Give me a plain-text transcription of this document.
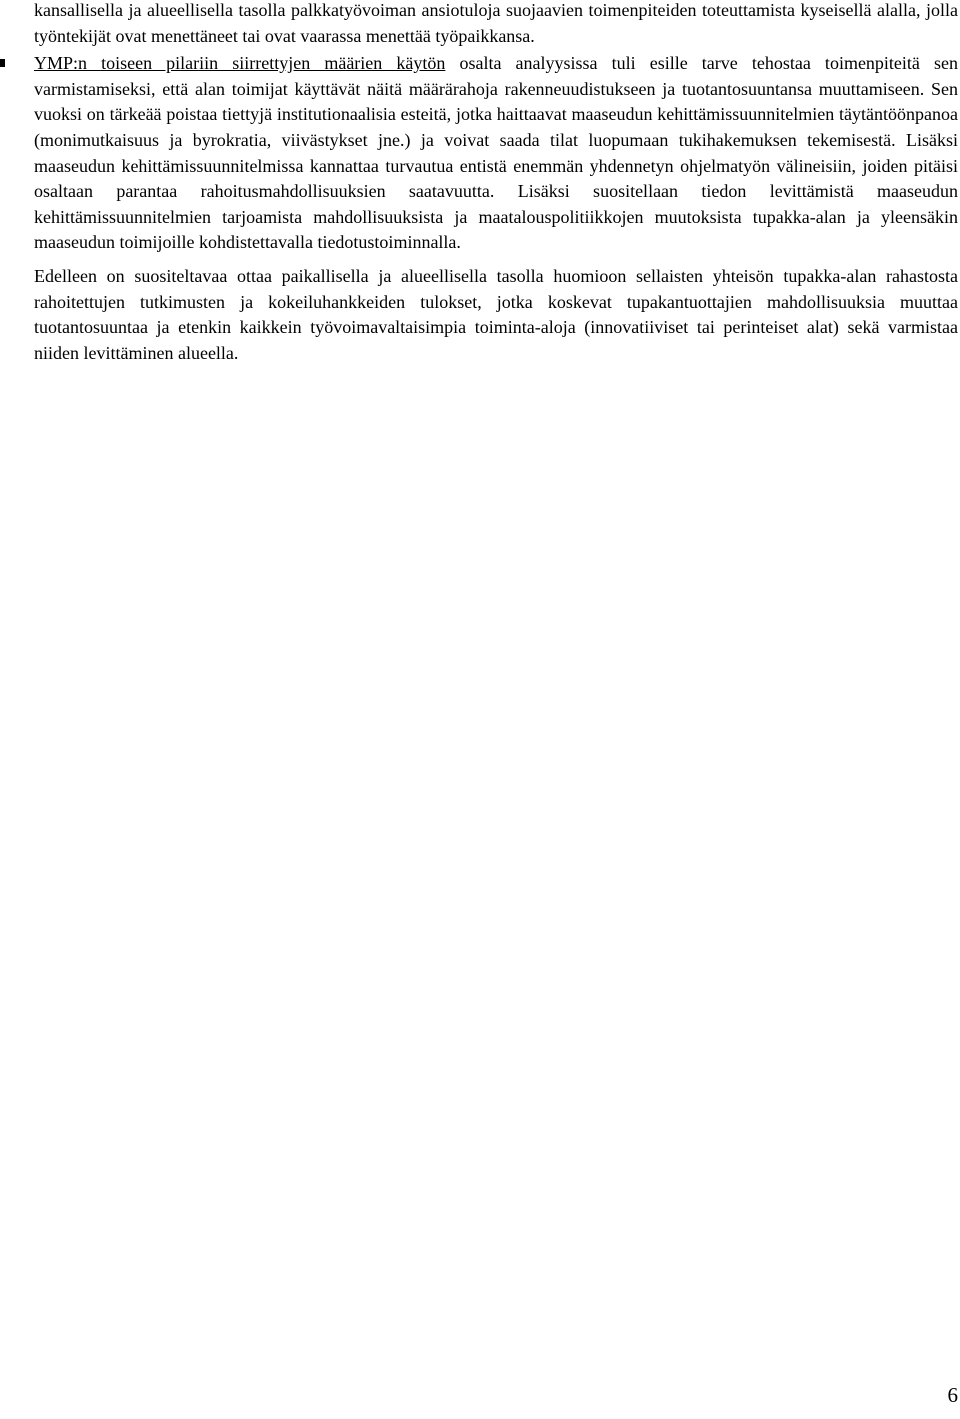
kansallisella ja alueellisella tasolla palkkatyövoiman ansiotuloja suojaavien toimenpiteiden toteuttamista kyseisellä alalla, jolla työntekijät ovat menettäneet tai ovat vaarassa menettää työpaikkansa.

YMP:n toiseen pilariin siirrettyjen määrien käytön osalta analyysissa tuli esille tarve tehostaa toimenpiteitä sen varmistamiseksi, että alan toimijat käyttävät näitä määrärahoja rakenneuudistukseen ja tuotantosuuntansa muuttamiseen. Sen vuoksi on tärkeää poistaa tiettyjä institutionaalisia esteitä, jotka haittaavat maaseudun kehittämissuunnitelmien täytäntöönpanoa (monimutkaisuus ja byrokratia, viivästykset jne.) ja voivat saada tilat luopumaan tukihakemuksen tekemisestä. Lisäksi maaseudun kehittämissuunnitelmissa kannattaa turvautua entistä enemmän yhdennetyn ohjelmatyön välineisiin, joiden pitäisi osaltaan parantaa rahoitusmahdollisuuksien saatavuutta. Lisäksi suositellaan tiedon levittämistä maaseudun kehittämissuunnitelmien tarjoamista mahdollisuuksista ja maatalouspolitiikkojen muutoksista tupakka-alan ja yleensäkin maaseudun toimijoille kohdistettavalla tiedotustoiminnalla.

Edelleen on suositeltavaa ottaa paikallisella ja alueellisella tasolla huomioon sellaisten yhteisön tupakka-alan rahastosta rahoitettujen tutkimusten ja kokeiluhankkeiden tulokset, jotka koskevat tupakantuottajien mahdollisuuksia muuttaa tuotantosuuntaa ja etenkin kaikkein työvoimavaltaisimpia toiminta-aloja (innovatiiviset tai perinteiset alat) sekä varmistaa niiden levittäminen alueella.

6
